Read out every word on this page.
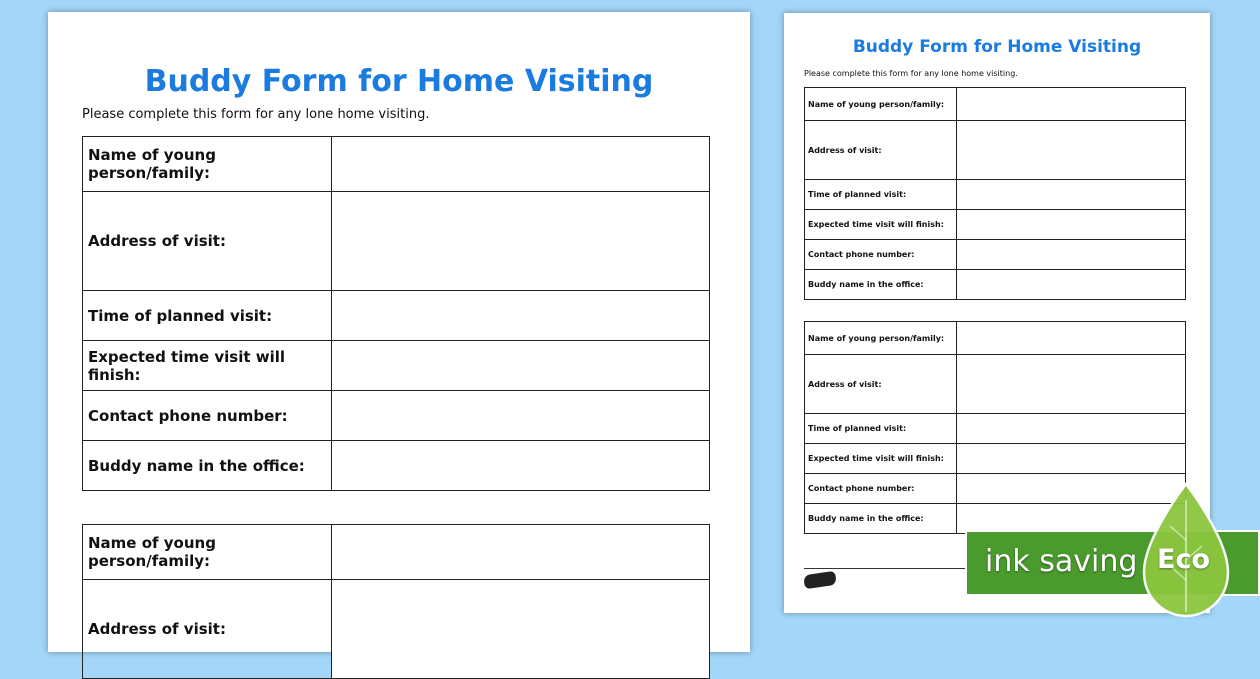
Buddy Form for Home Visiting

Please complete this form for any lone home visiting.

Name of young person/family:	
Address of visit:	
Time of planned visit:	
Expected time visit will finish:	
Contact phone number:	
Buddy name in the office:	
Name of young person/family:	
Address of visit:	
Buddy Form for Home Visiting

Please complete this form for any lone home visiting.

Name of young person/family:	
Address of visit:	
Time of planned visit:	
Expected time visit will finish:	
Contact phone number:	
Buddy name in the office:	
Name of young person/family:	
Address of visit:	
Time of planned visit:	
Expected time visit will finish:	
Contact phone number:	
Buddy name in the office:	
ink saving Eco
